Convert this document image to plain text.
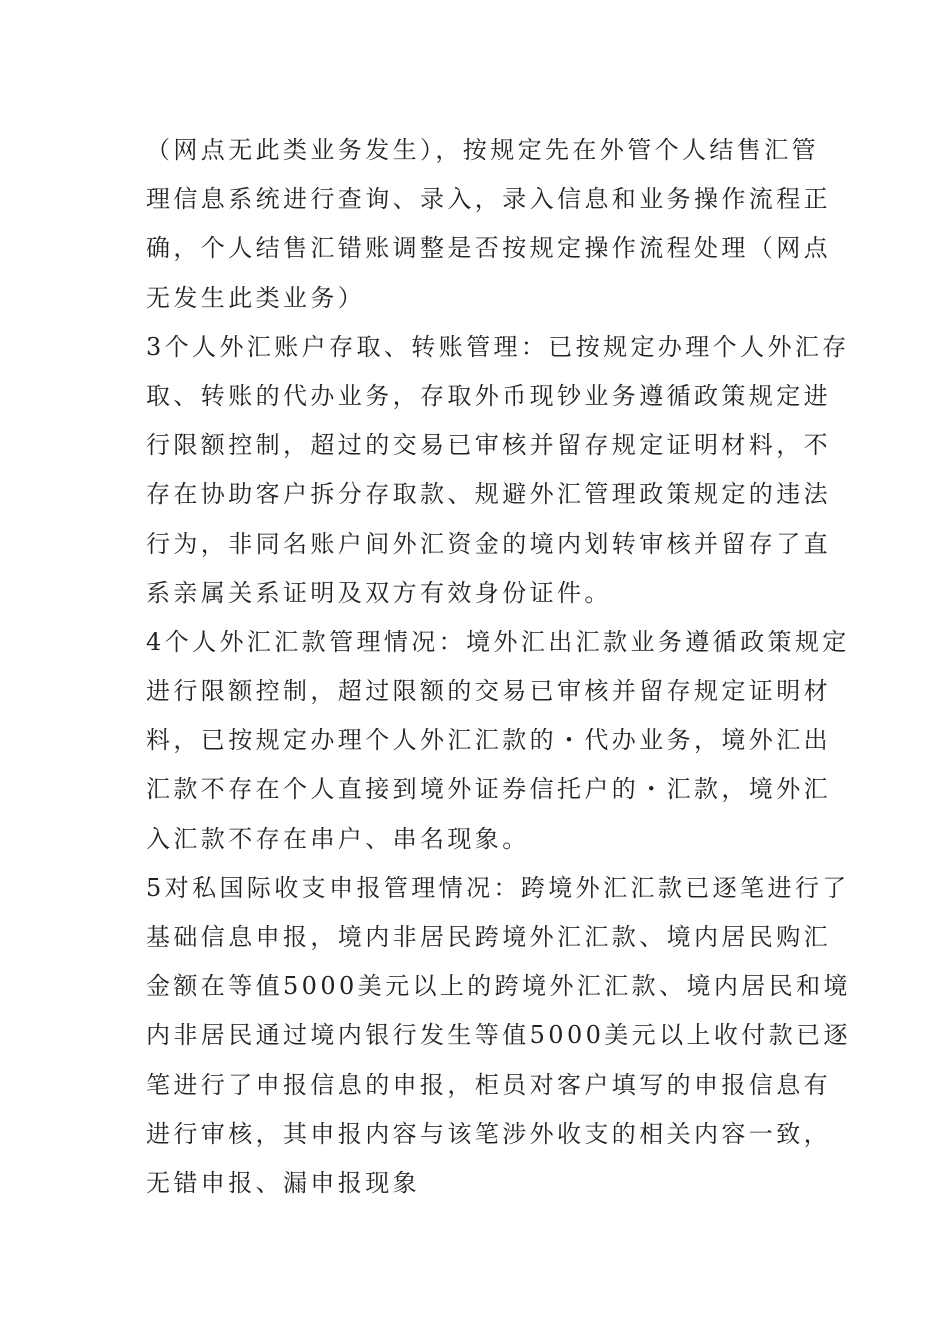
（网点无此类业务发生），按规定先在外管个人结售汇管
理信息系统进行查询、录入，录入信息和业务操作流程正
确，个人结售汇错账调整是否按规定操作流程处理（网点
无发生此类业务）
3个人外汇账户存取、转账管理：已按规定办理个人外汇存
取、转账的代办业务，存取外币现钞业务遵循政策规定进
行限额控制，超过的交易已审核并留存规定证明材料，不
存在协助客户拆分存取款、规避外汇管理政策规定的违法
行为，非同名账户间外汇资金的境内划转审核并留存了直
系亲属关系证明及双方有效身份证件。
4个人外汇汇款管理情况：境外汇出汇款业务遵循政策规定
进行限额控制，超过限额的交易已审核并留存规定证明材
料，已按规定办理个人外汇汇款的・代办业务，境外汇出
汇款不存在个人直接到境外证券信托户的・汇款，境外汇
入汇款不存在串户、串名现象。
5对私国际收支申报管理情况：跨境外汇汇款已逐笔进行了
基础信息申报，境内非居民跨境外汇汇款、境内居民购汇
金额在等值5000美元以上的跨境外汇汇款、境内居民和境
内非居民通过境内银行发生等值5000美元以上收付款已逐
笔进行了申报信息的申报，柜员对客户填写的申报信息有
进行审核，其申报内容与该笔涉外收支的相关内容一致，
无错申报、漏申报现象
